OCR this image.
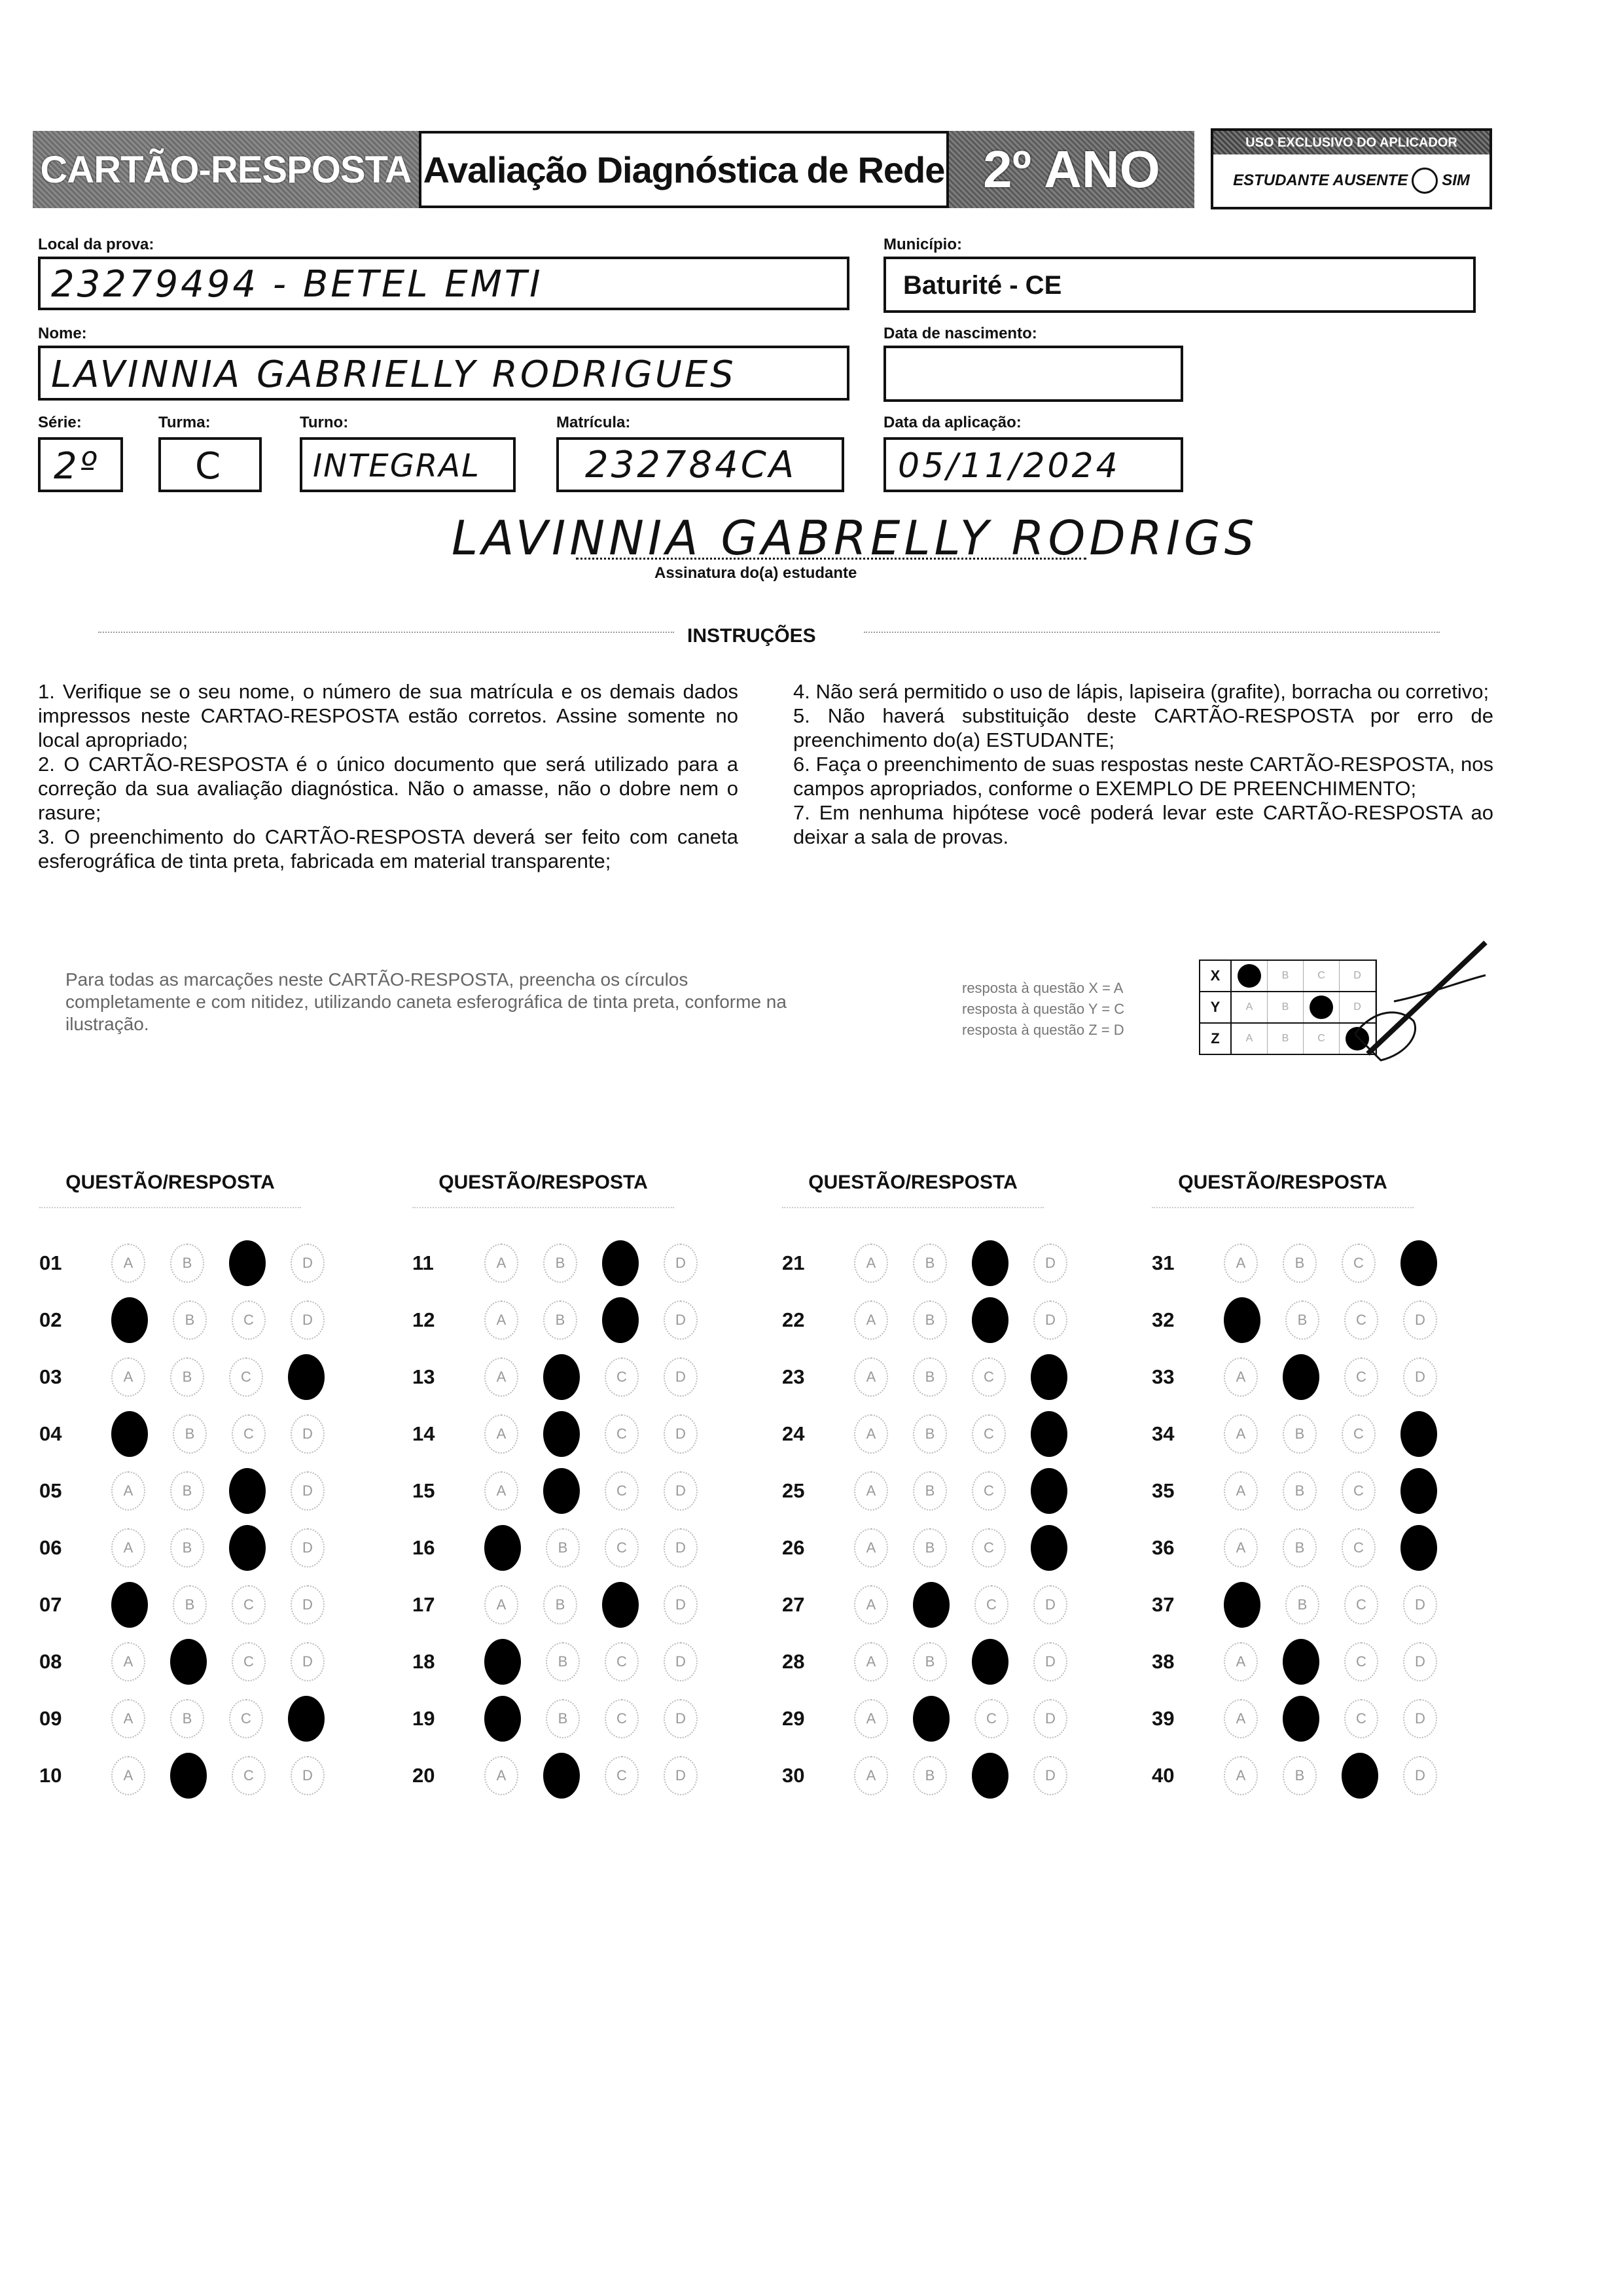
CARTÃO-RESPOSTA Avaliação Diagnóstica de Rede 2º ANO	USO EXCLUSIVO DO APLICADOR
ESTUDANTE AUSENTE SIM
Local da prova:
23279494 - BETEL EMTI
Município:
Baturité - CE
Nome:
LAVINNIA GABRIELLY RODRIGUES
Data de nascimento:
Série:
2º
Turma:
C
Turno:
INTEGRAL
Matrícula:
232784CA
Data da aplicação:
05/11/2024
LAVINNIA GABRELLY RODRIGS
Assinatura do(a) estudante
INSTRUÇÕES

1. Verifique se o seu nome, o número de sua matrícula e os demais dados impressos neste CARTAO-RESPOSTA estão corretos. Assine somente no local apropriado;

2. O CARTÃO-RESPOSTA é o único documento que será utilizado para a correção da sua avaliação diagnóstica. Não o amasse, não o dobre nem o rasure;

3. O preenchimento do CARTÃO-RESPOSTA deverá ser feito com caneta esferográfica de tinta preta, fabricada em material transparente;

4. Não será permitido o uso de lápis, lapiseira (grafite), borracha ou corretivo;

5. Não haverá substituição deste CARTÃO-RESPOSTA por erro de preenchimento do(a) ESTUDANTE;

6. Faça o preenchimento de suas respostas neste CARTÃO-RESPOSTA, nos campos apropriados, conforme o EXEMPLO DE PREENCHIMENTO;

7. Em nenhuma hipótese você poderá levar este CARTÃO-RESPOSTA ao deixar a sala de provas.

Para todas as marcações neste CARTÃO-RESPOSTA, preencha os círculos completamente e com nitidez, utilizando caneta esferográfica de tinta preta, conforme na ilustração.
resposta à questão X = A
resposta à questão Y = C
resposta à questão Z = D
X	B	C	D
Y	A	B	D
Z	A	B	C
QUESTÃO/RESPOSTA
01	A	B	D
02	B	C	D
03	A	B	C
04	B	C	D
05	A	B	D
06	A	B	D
07	B	C	D
08	A	C	D
09	A	B	C
10	A	C	D
QUESTÃO/RESPOSTA
11	A	B	D
12	A	B	D
13	A	C	D
14	A	C	D
15	A	C	D
16	B	C	D
17	A	B	D
18	B	C	D
19	B	C	D
20	A	C	D
QUESTÃO/RESPOSTA
21	A	B	D
22	A	B	D
23	A	B	C
24	A	B	C
25	A	B	C
26	A	B	C
27	A	C	D
28	A	B	D
29	A	C	D
30	A	B	D
QUESTÃO/RESPOSTA
31	A	B	C
32	B	C	D
33	A	C	D
34	A	B	C
35	A	B	C
36	A	B	C
37	B	C	D
38	A	C	D
39	A	C	D
40	A	B	D
